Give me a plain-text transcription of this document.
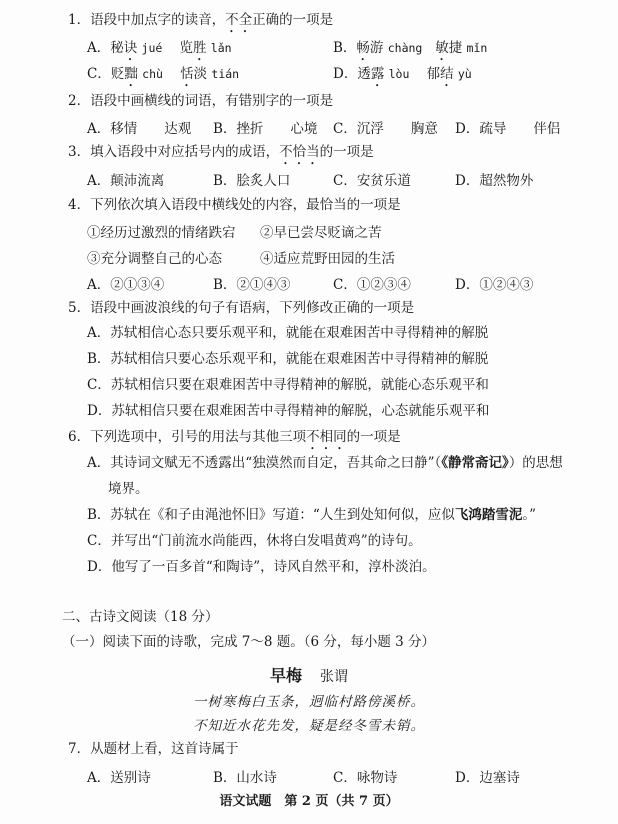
1．语段中加点字的读音，不全正确的一项是
A．秘诀 jué 览胜 lǎn	B．畅游 chàng 敏捷 mǐn
C．贬黜 chù 恬淡 tián	D．透露 lòu 郁结 yù
2．语段中画横线的词语，有错别字的一项是
A．移情　　达观 B．挫折　　心境 C．沉浮　　胸意 D．疏导　　伴侣
3．填入语段中对应括号内的成语，不恰当的一项是
A．颠沛流离	B．脍炙人口	C．安贫乐道	D．超然物外
4．下列依次填入语段中横线处的内容，最恰当的一项是
①经历过激烈的情绪跌宕 ②早已尝尽贬谪之苦
③充分调整自己的心态	④适应荒野田园的生活
A．②①③④	B．②①④③	C．①②③④	D．①②④③
5．语段中画波浪线的句子有语病，下列修改正确的一项是
A．苏轼相信心态只要乐观平和，就能在艰难困苦中寻得精神的解脱
B．苏轼相信只要心态乐观平和，就能在艰难困苦中寻得精神的解脱
C．苏轼相信只要在艰难困苦中寻得精神的解脱，就能心态乐观平和
D．苏轼相信只要在艰难困苦中寻得精神的解脱，心态就能乐观平和
6．下列选项中，引号的用法与其他三项不相同的一项是
A．其诗词文赋无不透露出“独漠然而自定，吾其命之曰静”（《静常斋记》）的思想
境界。
B．苏轼在《和子由渑池怀旧》写道：“人生到处知何似，应似飞鸿踏雪泥。”
C．并写出“门前流水尚能西，休将白发唱黄鸡”的诗句。
D．他写了一百多首“和陶诗”，诗风自然平和，淳朴淡泊。
二、古诗文阅读（18 分）
（一）阅读下面的诗歌，完成 7～8 题。（6 分，每小题 3 分）
早梅 张谓
一树寒梅白玉条，迥临村路傍溪桥。
不知近水花先发，疑是经冬雪未销。
7．从题材上看，这首诗属于
A．送别诗	B．山水诗	C．咏物诗	D．边塞诗
语文试题　第 2 页（共 7 页）
